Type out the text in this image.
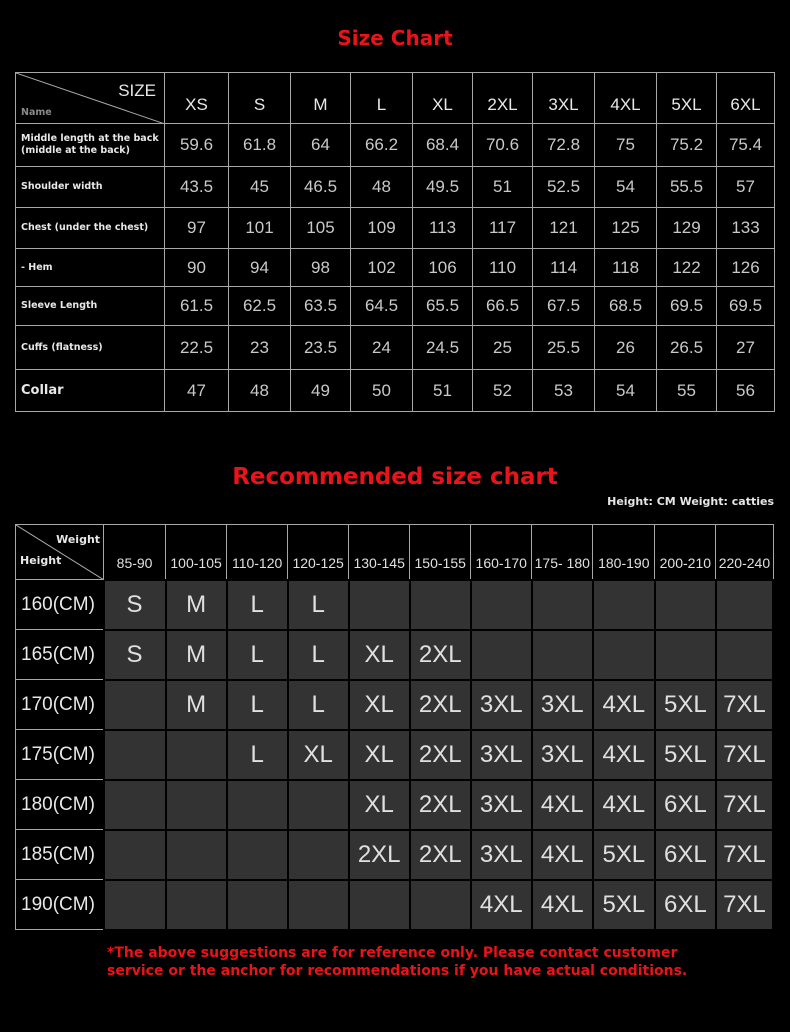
Size Chart
SIZE
Name	XS	S	M	L	XL	2XL	3XL	4XL	5XL	6XL
Middle length at the back (middle at the back)	59.6	61.8	64	66.2	68.4	70.6	72.8	75	75.2	75.4
Shoulder width	43.5	45	46.5	48	49.5	51	52.5	54	55.5	57
Chest (under the chest)	97	101	105	109	113	117	121	125	129	133
- Hem	90	94	98	102	106	110	114	118	122	126
Sleeve Length	61.5	62.5	63.5	64.5	65.5	66.5	67.5	68.5	69.5	69.5
Cuffs (flatness)	22.5	23	23.5	24	24.5	25	25.5	26	26.5	27
Collar	47	48	49	50	51	52	53	54	55	56
Recommended size chart
Height: CM Weight: catties
Weight
Height	85-90	100-105	110-120	120-125	130-145	150-155	160-170	175- 180	180-190	200-210	220-240
160(CM)	S	M	L	L							
165(CM)	S	M	L	L	XL	2XL					
170(CM)		M	L	L	XL	2XL	3XL	3XL	4XL	5XL	7XL
175(CM)			L	XL	XL	2XL	3XL	3XL	4XL	5XL	7XL
180(CM)					XL	2XL	3XL	4XL	4XL	6XL	7XL
185(CM)					2XL	2XL	3XL	4XL	5XL	6XL	7XL
190(CM)							4XL	4XL	5XL	6XL	7XL
*The above suggestions are for reference only. Please contact customer service or the anchor for recommendations if you have actual conditions.
